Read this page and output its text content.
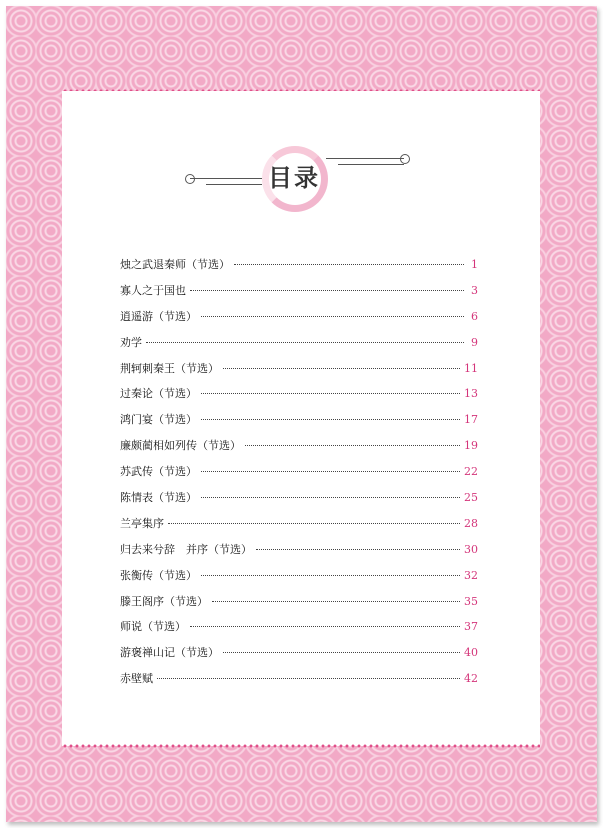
目录
烛之武退秦师（节选）	1
寡人之于国也	3
逍遥游（节选）	6
劝学	9
荆轲刺秦王（节选）	11
过秦论（节选）	13
鸿门宴（节选）	17
廉颇蔺相如列传（节选）	19
苏武传（节选）	22
陈情表（节选）	25
兰亭集序	28
归去来兮辞　并序（节选）	30
张衡传（节选）	32
滕王阁序（节选）	35
师说（节选）	37
游褒禅山记（节选）	40
赤壁赋	42
